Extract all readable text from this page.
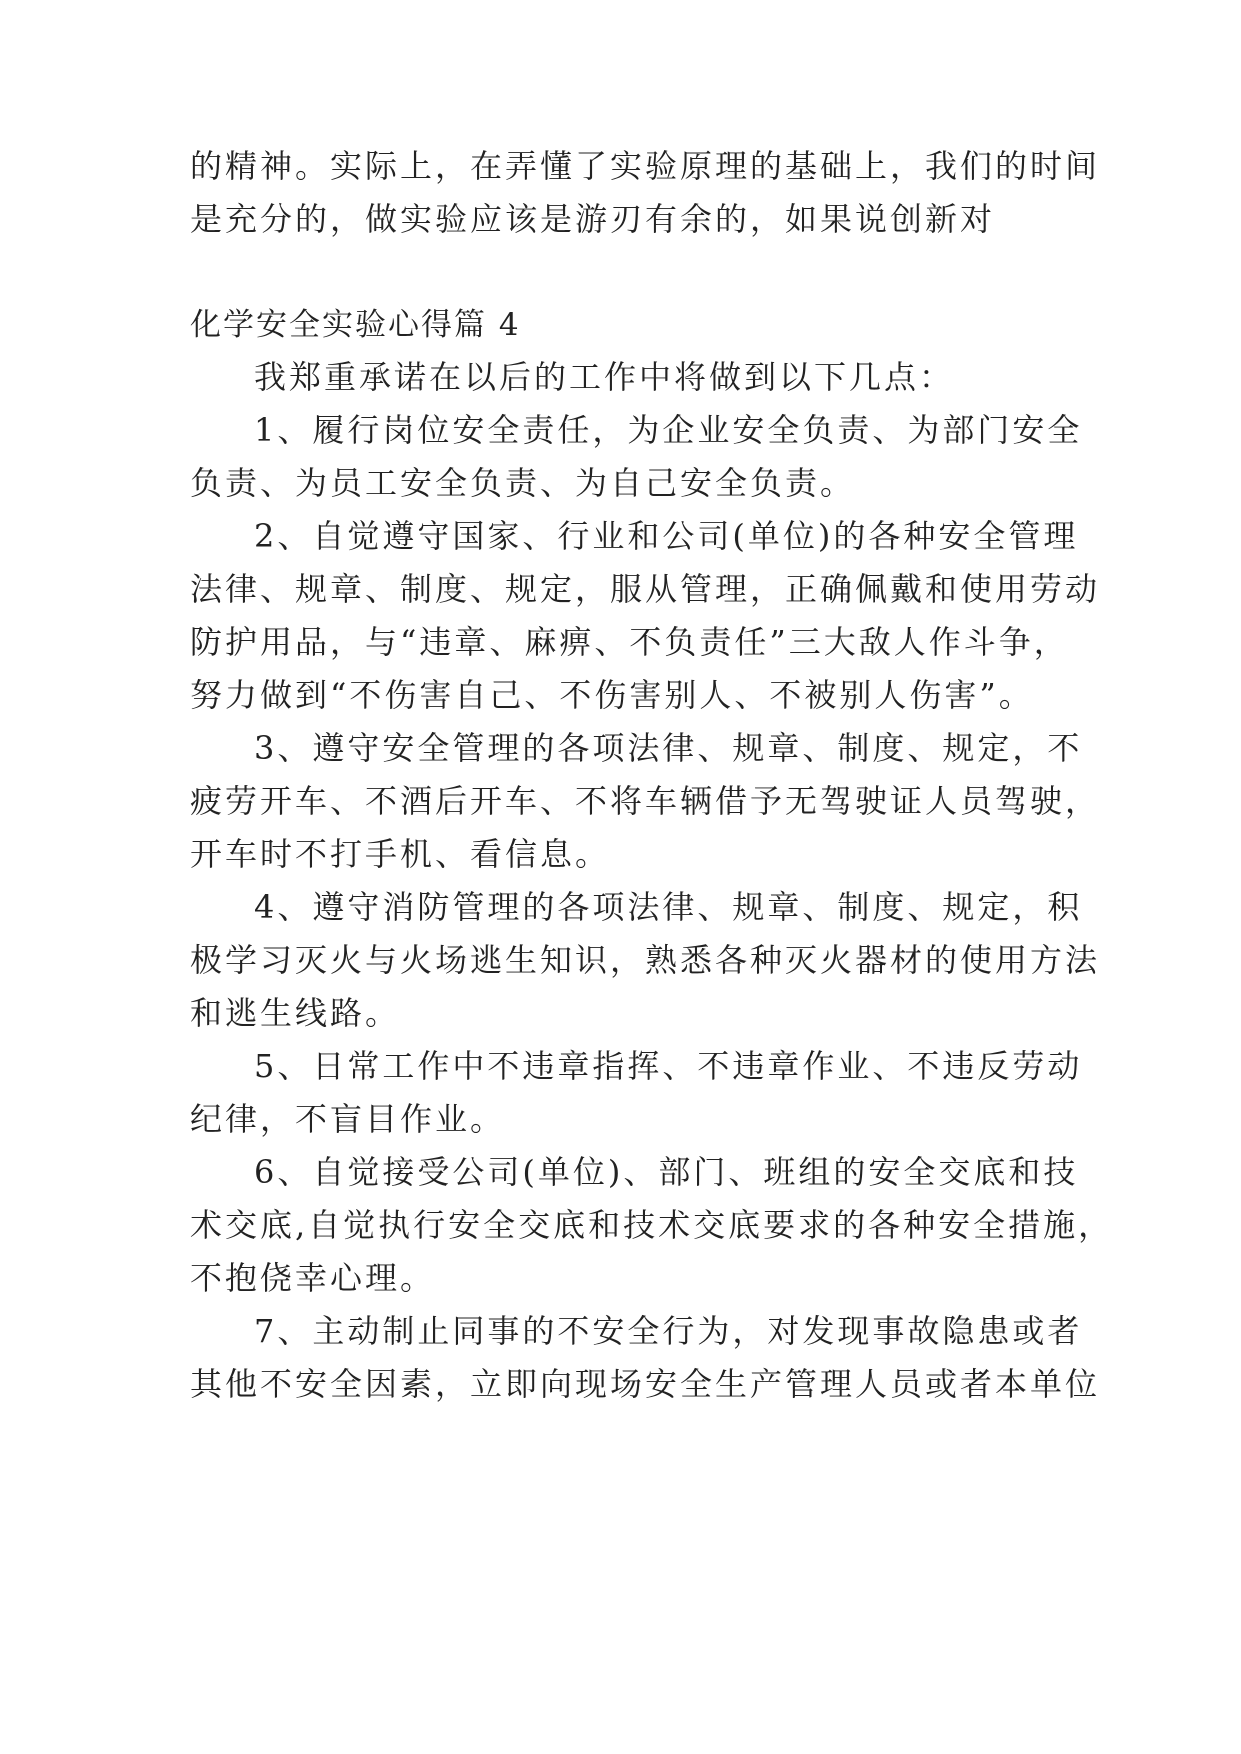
的精神。实际上，在弄懂了实验原理的基础上，我们的时间
是充分的，做实验应该是游刃有余的，如果说创新对
化学安全实验心得篇 4
我郑重承诺在以后的工作中将做到以下几点：
1、履行岗位安全责任，为企业安全负责、为部门安全
负责、为员工安全负责、为自己安全负责。
2、自觉遵守国家、行业和公司(单位)的各种安全管理
法律、规章、制度、规定，服从管理，正确佩戴和使用劳动
防护用品，与“违章、麻痹、不负责任”三大敌人作斗争，
努力做到“不伤害自己、不伤害别人、不被别人伤害”。
3、遵守安全管理的各项法律、规章、制度、规定，不
疲劳开车、不酒后开车、不将车辆借予无驾驶证人员驾驶，
开车时不打手机、看信息。
4、遵守消防管理的各项法律、规章、制度、规定，积
极学习灭火与火场逃生知识，熟悉各种灭火器材的使用方法
和逃生线路。
5、日常工作中不违章指挥、不违章作业、不违反劳动
纪律，不盲目作业。
6、自觉接受公司(单位)、部门、班组的安全交底和技
术交底,自觉执行安全交底和技术交底要求的各种安全措施，
不抱侥幸心理。
7、主动制止同事的不安全行为，对发现事故隐患或者
其他不安全因素，立即向现场安全生产管理人员或者本单位
